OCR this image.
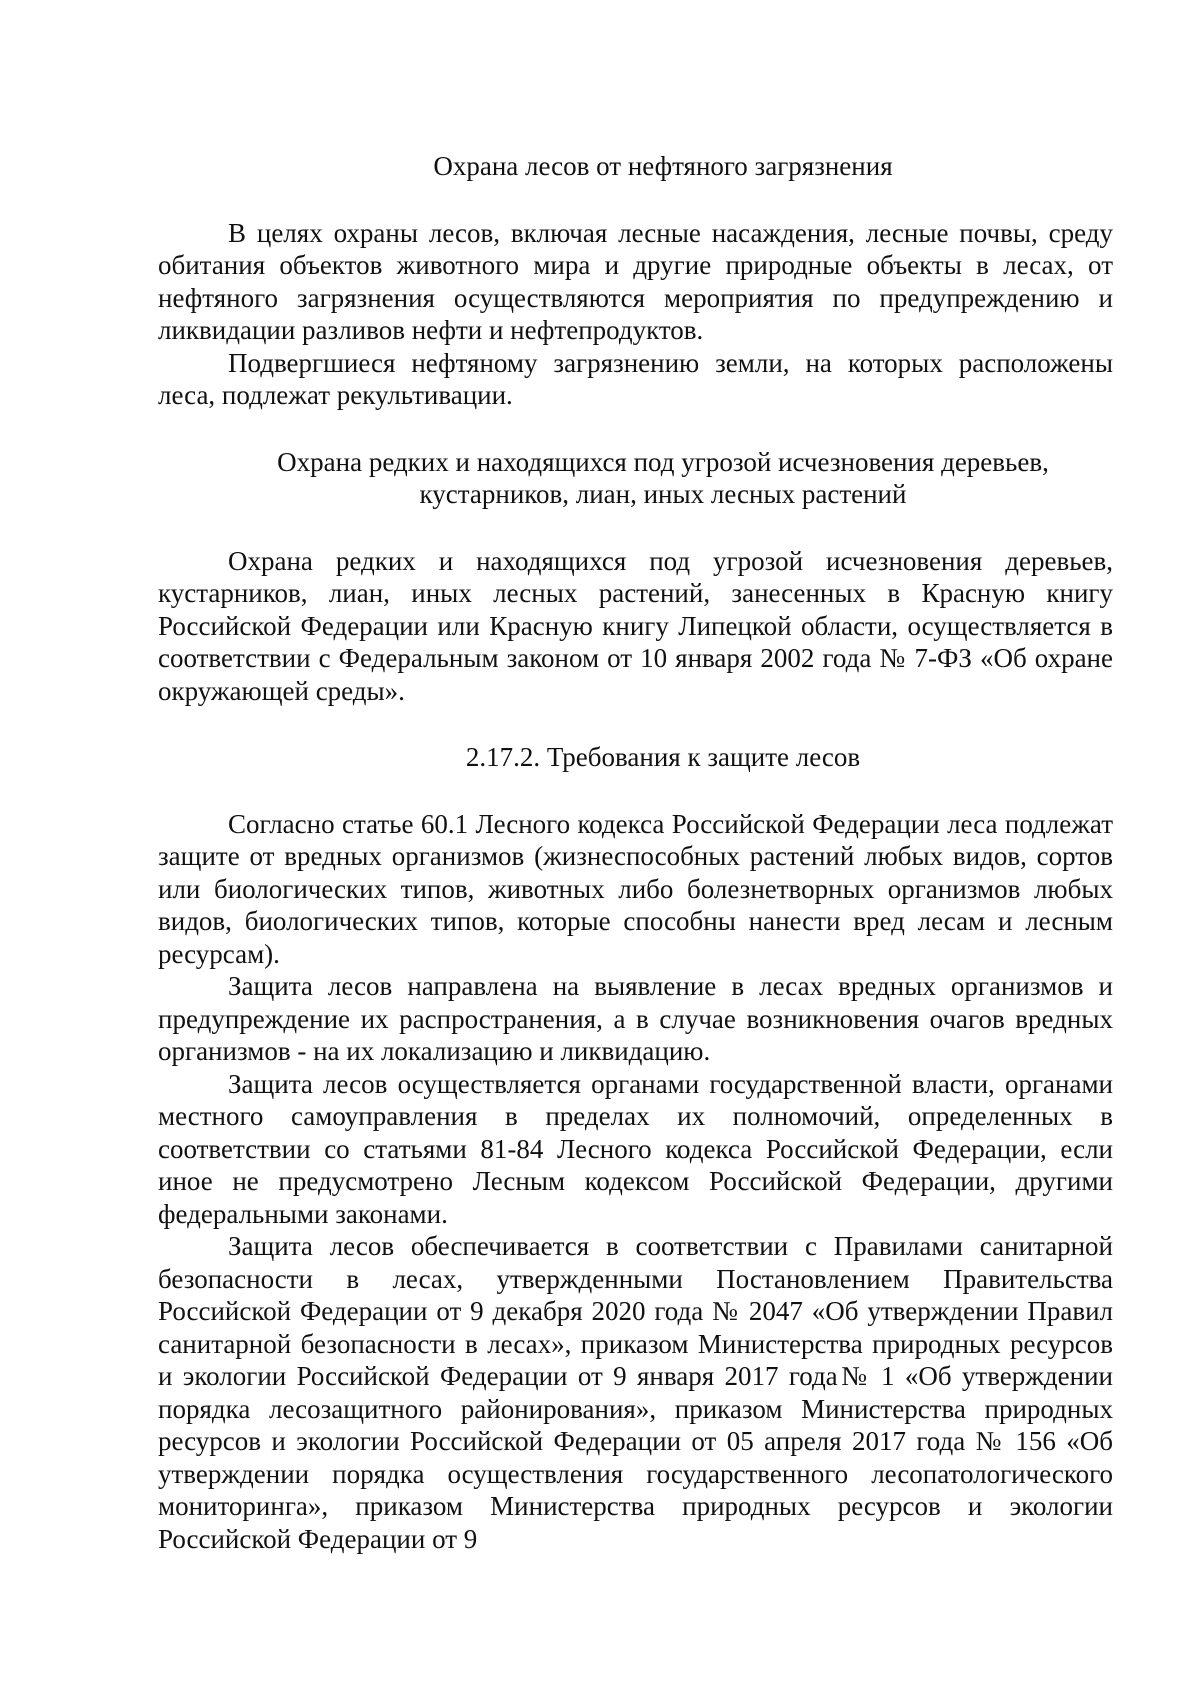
Охрана лесов от нефтяного загрязнения

В целях охраны лесов, включая лесные насаждения, лесные почвы, среду обитания объектов животного мира и другие природные объекты в лесах, от нефтяного загрязнения осуществляются мероприятия по предупреждению и ликвидации разливов нефти и нефтепродуктов.

Подвергшиеся нефтяному загрязнению земли, на которых расположены леса, подлежат рекультивации.

Охрана редких и находящихся под угрозой исчезновения деревьев,
кустарников, лиан, иных лесных растений

Охрана редких и находящихся под угрозой исчезновения деревьев, кустарников, лиан, иных лесных растений, занесенных в Красную книгу Российской Федерации или Красную книгу Липецкой области, осуществляется в соответствии с Федеральным законом от 10 января 2002 года № 7-ФЗ «Об охране окружающей среды».

2.17.2. Требования к защите лесов

Согласно статье 60.1 Лесного кодекса Российской Федерации леса подлежат защите от вредных организмов (жизнеспособных растений любых видов, сортов или биологических типов, животных либо болезнетворных организмов любых видов, биологических типов, которые способны нанести вред лесам и лесным ресурсам).

Защита лесов направлена на выявление в лесах вредных организмов и предупреждение их распространения, а в случае возникновения очагов вредных организмов - на их локализацию и ликвидацию.

Защита лесов осуществляется органами государственной власти, органами местного самоуправления в пределах их полномочий, определенных в соответствии со статьями 81-84 Лесного кодекса Российской Федерации, если иное не предусмотрено Лесным кодексом Российской Федерации, другими федеральными законами.

Защита лесов обеспечивается в соответствии с Правилами санитарной безопасности в лесах, утвержденными Постановлением Правительства Российской Федерации от 9 декабря 2020 года № 2047 «Об утверждении Правил санитарной безопасности в лесах», приказом Министерства природных ресурсов и экологии Российской Федерации от 9 января 2017 года№ 1 «Об утверждении порядка лесозащитного районирования», приказом Министерства природных ресурсов и экологии Российской Федерации от 05 апреля 2017 года № 156 «Об утверждении порядка осуществления государственного лесопатологического мониторинга», приказом Министерства природных ресурсов и экологии Российской Федерации от 9
